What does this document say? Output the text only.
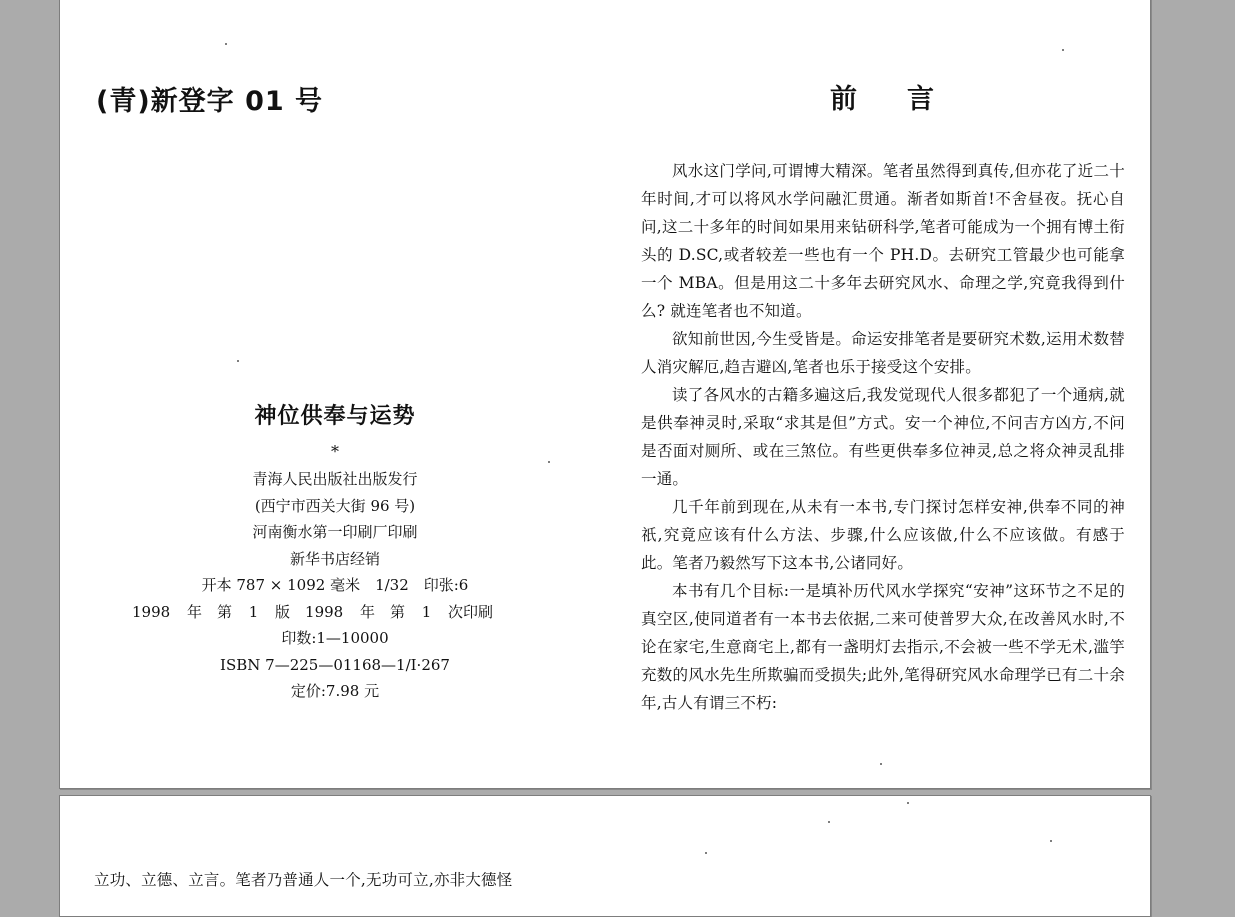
(青)新登字 01 号
神位供奉与运势
*
青海人民出版社出版发行
(西宁市西关大街 96 号)
河南衡水第一印刷厂印刷
新华书店经销
开本 787 × 1092 毫米　1/32　印张:6
1998 年　第 1 版　1998 年　第 1 次印刷
印数:1—10000
ISBN 7—225—01168—1/I·267
定价:7.98 元
前言

风水这门学问,可谓博大精深。笔者虽然得到真传,但亦花了近二十年时间,才可以将风水学问融汇贯通。渐者如斯首!不舍昼夜。抚心自问,这二十多年的时间如果用来钻研科学,笔者可能成为一个拥有博土衔头的 D.SC,或者较差一些也有一个 PH.D。去研究工管最少也可能拿一个 MBA。但是用这二十多年去研究风水、命理之学,究竟我得到什么? 就连笔者也不知道。

欲知前世因,今生受皆是。命运安排笔者是要研究术数,运用术数替人消灾解厄,趋吉避凶,笔者也乐于接受这个安排。

读了各风水的古籍多遍这后,我发觉现代人很多都犯了一个通病,就是供奉神灵时,采取“求其是但”方式。安一个神位,不问吉方凶方,不问是否面对厕所、或在三煞位。有些更供奉多位神灵,总之将众神灵乱排一通。

几千年前到现在,从未有一本书,专门探讨怎样安神,供奉不同的神祇,究竟应该有什么方法、步骤,什么应该做,什么不应该做。有感于此。笔者乃毅然写下这本书,公诸同好。

本书有几个目标:一是填补历代风水学探究“安神”这环节之不足的真空区,使同道者有一本书去依据,二来可使普罗大众,在改善风水时,不论在家宅,生意商宅上,都有一盏明灯去指示,不会被一些不学无术,滥竽充数的风水先生所欺骗而受损失;此外,笔得研究风水命理学已有二十余年,古人有谓三不朽:

立功、立德、立言。笔者乃普通人一个,无功可立,亦非大德怪
